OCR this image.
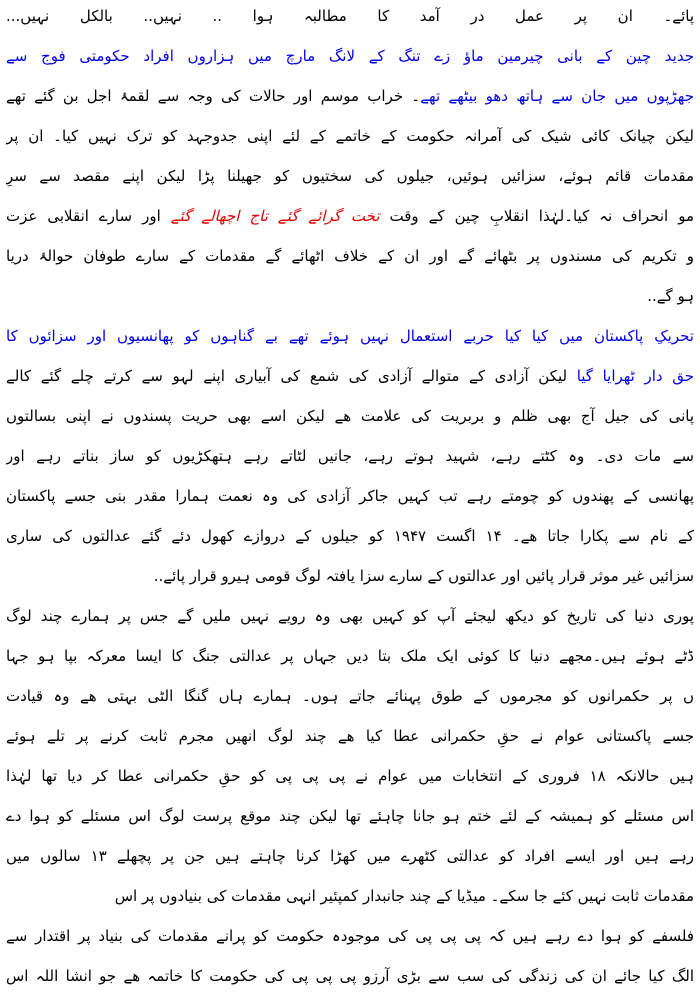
پائے۔ ان پر عمل در آمد کا مطالبہ ہوا .. نہیں.. بالکل نہیں...
جدید چین کے بانی چیرمین ماؤ زے تنگ کے لانگ مارچ میں ہزاروں افراد حکومتی فوج سے
جھڑپوں میں جان سے ہاتھ دھو بیٹھے تھے۔ خراب موسم اور حالات کی وجہ سے لقمۂ اجل بن گئے تھے
لیکن چیانک کائی شیک کی آمرانہ حکومت کے خاتمے کے لئے اپنی جدوجہد کو ترک نہیں کیا۔ ان پر
مقدمات قائم ہوئے، سزائیں ہوئیں، جیلوں کی سختیوں کو جھیلنا پڑا لیکن اپنے مقصد سے سرِ
مو انحراف نہ کیا۔لہٰذا انقلابِ چین کے وقت تخت گرائے گئے تاج اچھالے گئے اور سارے انقلابی عزت
و تکریم کی مسندوں پر بٹھائے گے اور ان کے خلاف اٹھائے گے مقدمات کے سارے طوفان حوالۂ دریا
ہو گے..
تحریکِ پاکستان میں کیا کیا حربے استعمال نہیں ہوئے تھے بے گناہوں کو پھانسیوں اور سزائوں کا
حق دار ٹھرایا گیا لیکن آزادی کے متوالے آزادی کی شمع کی آبیاری اپنے لہو سے کرتے چلے گئے کالے
پانی کی جیل آج بھی ظلم و بربریت کی علامت ھے لیکن اسے بھی حریت پسندوں نے اپنی بسالتوں
سے مات دی۔ وہ کٹتے رہے، شہید ہوتے رہے، جانیں لٹاتے رہے ہتھکڑیوں کو ساز بناتے رہے اور
پھانسی کے پھندوں کو چومتے رہے تب کہیں جاکر آزادی کی وہ نعمت ہمارا مقدر بنی جسے پاکستان
کے نام سے پکارا جاتا ھے۔ ۱۴ اگست ۱۹۴۷ کو جیلوں کے دروازے کھول دئے گئے عدالتوں کی ساری
سزائیں غیر موثر قرار پائیں اور عدالتوں کے سارے سزا یافتہ لوگ قومی ہیرو قرار پائے..
پوری دنیا کی تاریخ کو دیکھ لیجئے آپ کو کہیں بھی وہ رویے نہیں ملیں گے جس پر ہمارے چند لوگ
ڈٹے ہوئے ہیں۔مجھے دنیا کا کوئی ایک ملک بتا دیں جہاں پر عدالتی جنگ کا ایسا معرکہ بپا ہو جہا
ں پر حکمرانوں کو مجرموں کے طوق پہنائے جاتے ہوں۔ ہمارے ہاں گنگا الٹی بہتی ھے وہ قیادت
جسے پاکستانی عوام نے حقِ حکمرانی عطا کیا ھے چند لوگ انھیں مجرم ثابت کرنے پر تلے ہوئے
ہیں حالانکہ ۱۸ فروری کے انتخابات میں عوام نے پی پی پی کو حقِ حکمرانی عطا کر دیا تھا لہٰذا
اس مسئلے کو ہمیشہ کے لئے ختم ہو جانا چاہئے تھا لیکن چند موقع پرست لوگ اس مسئلے کو ہوا دے
رہے ہیں اور ایسے افراد کو عدالتی کٹھرے میں کھڑا کرنا چاہتے ہیں جن پر پچھلے ۱۳ سالوں میں
مقدمات ثابت نہیں کئے جا سکے۔ میڈیا کے چند جانبدار کمپئیر انہی مقدمات کی بنیادوں پر اس
فلسفے کو ہوا دے رہے ہیں کہ پی پی پی کی موجودہ حکومت کو پرانے مقدمات کی بنیاد پر اقتدار سے
الگ کیا جائے ان کی زندگی کی سب سے بڑی آرزو پی پی پی کی حکومت کا خاتمہ ھے جو انشا اللہ اس
